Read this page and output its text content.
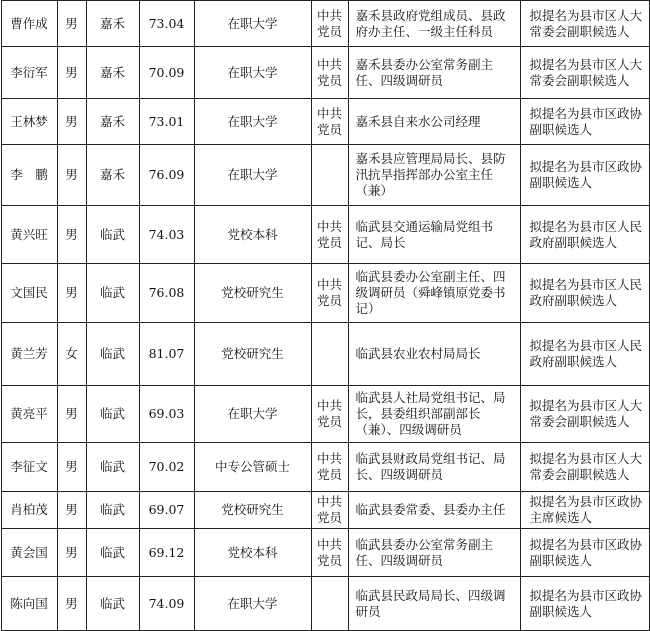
曹作成	男	嘉禾	73.04	在职大学	中共党员	嘉禾县政府党组成员、县政府办主任、一级主任科员	拟提名为县市区人大常委会副职候选人
李衍军	男	嘉禾	70.09	在职大学	中共党员	嘉禾县委办公室常务副主任、四级调研员	拟提名为县市区人大常委会副职候选人
王林梦	男	嘉禾	73.01	在职大学	中共党员	嘉禾县自来水公司经理	拟提名为县市区政协副职候选人
李　鹏	男	嘉禾	76.09	在职大学		嘉禾县应管理局局长、县防汛抗旱指挥部办公室主任（兼）	拟提名为县市区政协副职候选人
黄兴旺	男	临武	74.03	党校本科	中共党员	临武县交通运输局党组书记、局长	拟提名为县市区人民政府副职候选人
文国民	男	临武	76.08	党校研究生	中共党员	临武县委办公室副主任、四级调研员（舜峰镇原党委书记）	拟提名为县市区人民政府副职候选人
黄兰芳	女	临武	81.07	党校研究生		临武县农业农村局局长	拟提名为县市区人民政府副职候选人
黄亮平	男	临武	69.03	在职大学	中共党员	临武县人社局党组书记、局长，县委组织部副部长（兼）、四级调研员	拟提名为县市区人大常委会副职候选人
李征文	男	临武	70.02	中专公管硕士	中共党员	临武县财政局党组书记、局长、四级调研员	拟提名为县市区人大常委会副职候选人
肖柏茂	男	临武	69.07	党校研究生	中共党员	临武县委常委、县委办主任	拟提名为县市区政协主席候选人
黄会国	男	临武	69.12	党校本科	中共党员	临武县委办公室常务副主任、四级调研员	拟提名为县市区政协副职候选人
陈向国	男	临武	74.09	在职大学		临武县民政局局长、四级调研员	拟提名为县市区政协副职候选人
